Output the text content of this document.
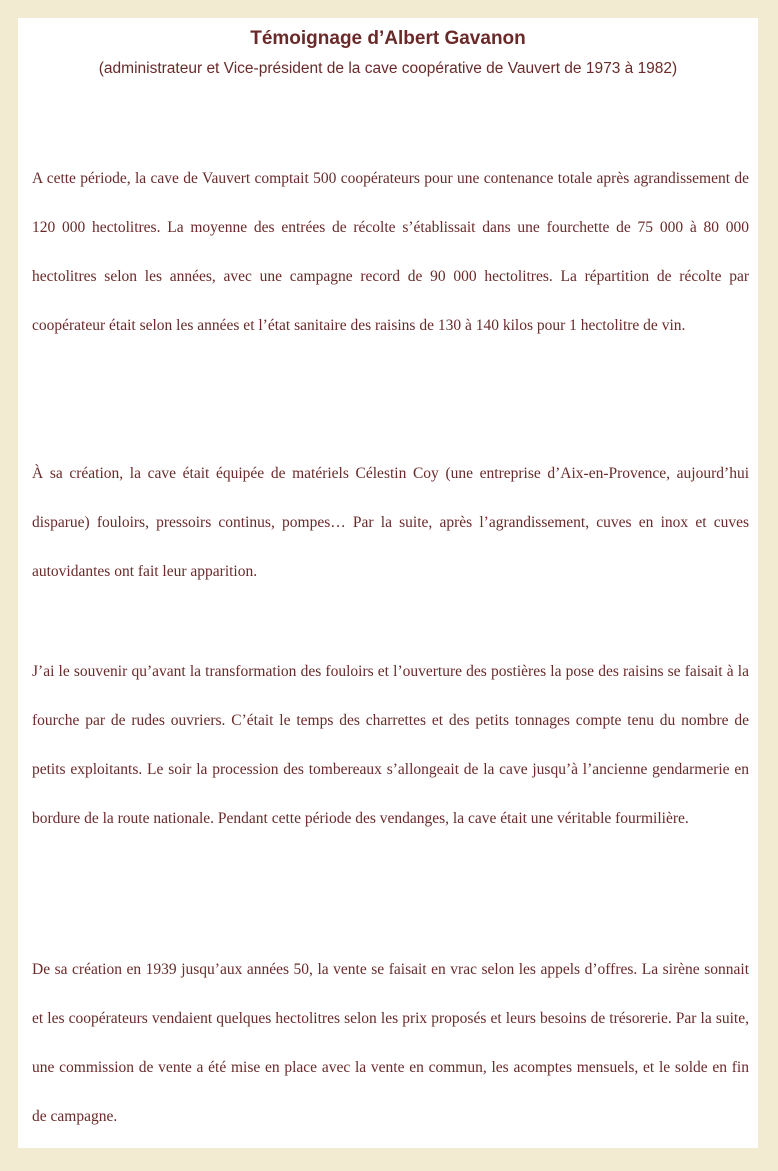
Témoignage d’Albert Gavanon

(administrateur et Vice-président de la cave coopérative de Vauvert de 1973 à 1982)

A cette période, la cave de Vauvert comptait 500 coopérateurs pour une contenance totale après agrandissement de 120 000 hectolitres. La moyenne des entrées de récolte s’établissait dans une fourchette de 75 000 à 80 000 hectolitres selon les années, avec une campagne record de 90 000 hectolitres. La répartition de récolte par coopérateur était selon les années et l’état sanitaire des raisins de 130 à 140 kilos pour 1 hectolitre de vin.

À sa création, la cave était équipée de matériels Célestin Coy (une entreprise d’Aix-en-Provence, aujourd’hui disparue) fouloirs, pressoirs continus, pompes… Par la suite, après l’agrandissement, cuves en inox et cuves autovidantes ont fait leur apparition.

J’ai le souvenir qu’avant la transformation des fouloirs et l’ouverture des postières la pose des raisins se faisait à la fourche par de rudes ouvriers. C’était le temps des charrettes et des petits tonnages compte tenu du nombre de petits exploitants. Le soir la procession des tombereaux s’allongeait de la cave jusqu’à l’ancienne gendarmerie en bordure de la route nationale. Pendant cette période des vendanges, la cave était une véritable fourmilière.

De sa création en 1939 jusqu’aux années 50, la vente se faisait en vrac selon les appels d’offres. La sirène sonnait et les coopérateurs vendaient quelques hectolitres selon les prix proposés et leurs besoins de trésorerie. Par la suite, une commission de vente a été mise en place avec la vente en commun, les acomptes mensuels, et le solde en fin de campagne.
